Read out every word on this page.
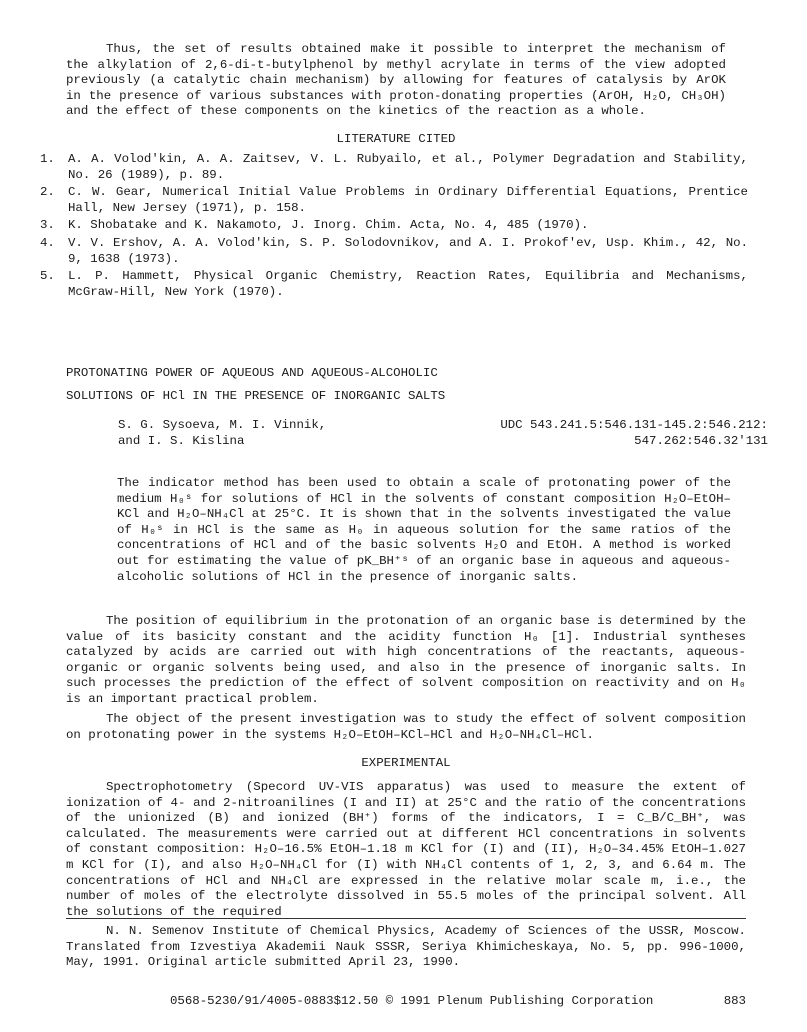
Thus, the set of results obtained make it possible to interpret the mechanism of the alkylation of 2,6-di-t-butylphenol by methyl acrylate in terms of the view adopted previously (a catalytic chain mechanism) by allowing for features of catalysis by ArOK in the presence of various substances with proton-donating properties (ArOH, H₂O, CH₃OH) and the effect of these components on the kinetics of the reaction as a whole.

LITERATURE CITED
1. A. A. Volod'kin, A. A. Zaitsev, V. L. Rubyailo, et al., Polymer Degradation and Stability, No. 26 (1989), p. 89.
2. C. W. Gear, Numerical Initial Value Problems in Ordinary Differential Equations, Prentice Hall, New Jersey (1971), p. 158.
3. K. Shobatake and K. Nakamoto, J. Inorg. Chim. Acta, No. 4, 485 (1970).
4. V. V. Ershov, A. A. Volod'kin, S. P. Solodovnikov, and A. I. Prokof'ev, Usp. Khim., 42, No. 9, 1638 (1973).
5. L. P. Hammett, Physical Organic Chemistry, Reaction Rates, Equilibria and Mechanisms, McGraw-Hill, New York (1970).

PROTONATING POWER OF AQUEOUS AND AQUEOUS-ALCOHOLIC

SOLUTIONS OF HCl IN THE PRESENCE OF INORGANIC SALTS

S. G. Sysoeva, M. I. Vinnik,

and I. S. Kislina

UDC 543.241.5:546.131-145.2:546.212:

547.262:546.32'131

The indicator method has been used to obtain a scale of protonating power of the medium H₀ˢ for solutions of HCl in the solvents of constant composition H₂O–EtOH–KCl and H₂O–NH₄Cl at 25°C. It is shown that in the solvents investigated the value of H₀ˢ in HCl is the same as H₀ in aqueous solution for the same ratios of the concentrations of HCl and of the basic solvents H₂O and EtOH. A method is worked out for estimating the value of pK_BH⁺ˢ of an organic base in aqueous and aqueous-alcoholic solutions of HCl in the presence of inorganic salts.

The position of equilibrium in the protonation of an organic base is determined by the value of its basicity constant and the acidity function H₀ [1]. Industrial syntheses catalyzed by acids are carried out with high concentrations of the reactants, aqueous-organic or organic solvents being used, and also in the presence of inorganic salts. In such processes the prediction of the effect of solvent composition on reactivity and on H₀ is an important practical problem.

The object of the present investigation was to study the effect of solvent composition on protonating power in the systems H₂O–EtOH–KCl–HCl and H₂O–NH₄Cl–HCl.

EXPERIMENTAL

Spectrophotometry (Specord UV-VIS apparatus) was used to measure the extent of ionization of 4- and 2-nitroanilines (I and II) at 25°C and the ratio of the concentrations of the unionized (B) and ionized (BH⁺) forms of the indicators, I = C_B/C_BH⁺, was calculated. The measurements were carried out at different HCl concentrations in solvents of constant composition: H₂O–16.5% EtOH–1.18 m KCl for (I) and (II), H₂O–34.45% EtOH–1.027 m KCl for (I), and also H₂O–NH₄Cl for (I) with NH₄Cl contents of 1, 2, 3, and 6.64 m. The concentrations of HCl and NH₄Cl are expressed in the relative molar scale m, i.e., the number of moles of the electrolyte dissolved in 55.5 moles of the principal solvent. All the solutions of the required

N. N. Semenov Institute of Chemical Physics, Academy of Sciences of the USSR, Moscow. Translated from Izvestiya Akademii Nauk SSSR, Seriya Khimicheskaya, No. 5, pp. 996-1000, May, 1991. Original article submitted April 23, 1990.

0568-5230/91/4005-0883$12.50 © 1991 Plenum Publishing Corporation	883
